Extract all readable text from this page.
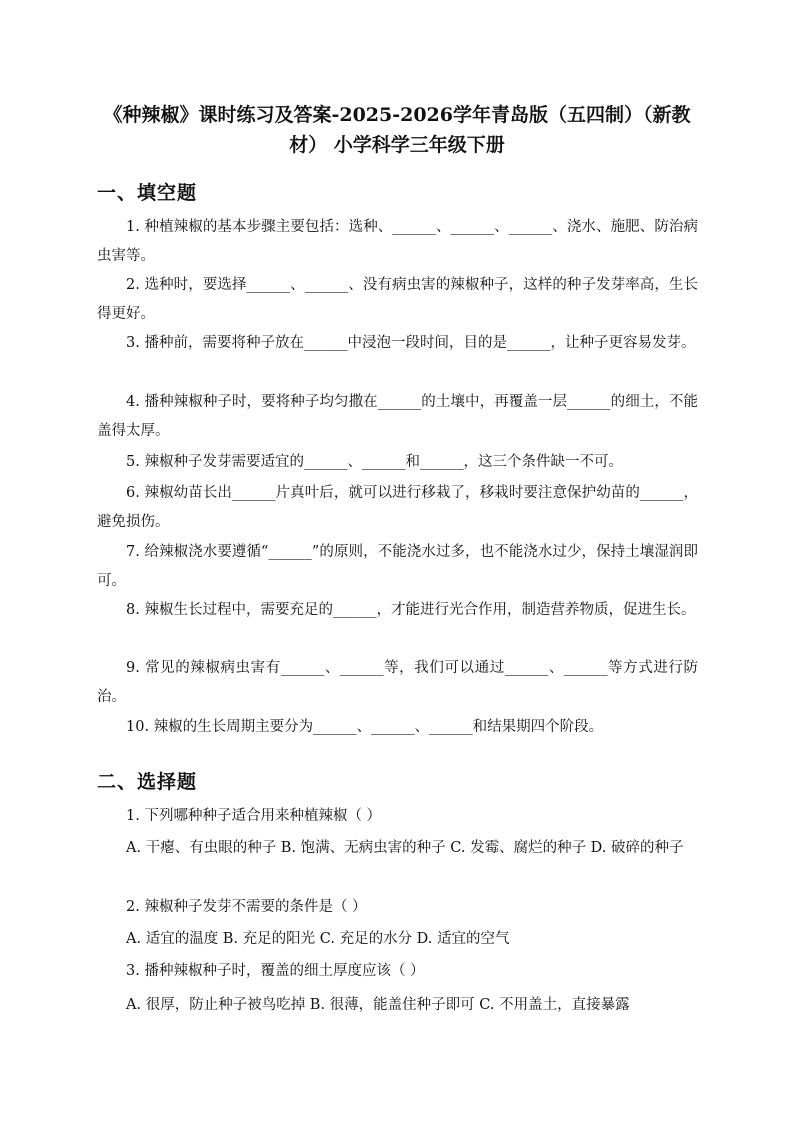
《种辣椒》课时练习及答案-2025-2026学年青岛版（五四制）（新教材） 小学科学三年级下册
一、填空题
1. 种植辣椒的基本步骤主要包括：选种、______、______、______、浇水、施肥、防治病虫害等。
2. 选种时，要选择______、______、没有病虫害的辣椒种子，这样的种子发芽率高，生长得更好。
3. 播种前，需要将种子放在______中浸泡一段时间，目的是______，让种子更容易发芽。
4. 播种辣椒种子时，要将种子均匀撒在______的土壤中，再覆盖一层______的细土，不能盖得太厚。
5. 辣椒种子发芽需要适宜的______、______和______，这三个条件缺一不可。
6. 辣椒幼苗长出______片真叶后，就可以进行移栽了，移栽时要注意保护幼苗的______，避免损伤。
7. 给辣椒浇水要遵循“______”的原则，不能浇水过多，也不能浇水过少，保持土壤湿润即可。
8. 辣椒生长过程中，需要充足的______，才能进行光合作用，制造营养物质，促进生长。
9. 常见的辣椒病虫害有______、______等，我们可以通过______、______等方式进行防治。
10. 辣椒的生长周期主要分为______、______、______和结果期四个阶段。
二、选择题
1. 下列哪种种子适合用来种植辣椒（ ）
A. 干瘪、有虫眼的种子 B. 饱满、无病虫害的种子 C. 发霉、腐烂的种子 D. 破碎的种子
2. 辣椒种子发芽不需要的条件是（ ）
A. 适宜的温度 B. 充足的阳光 C. 充足的水分 D. 适宜的空气
3. 播种辣椒种子时，覆盖的细土厚度应该（ ）
A. 很厚，防止种子被鸟吃掉 B. 很薄，能盖住种子即可 C. 不用盖土，直接暴露
